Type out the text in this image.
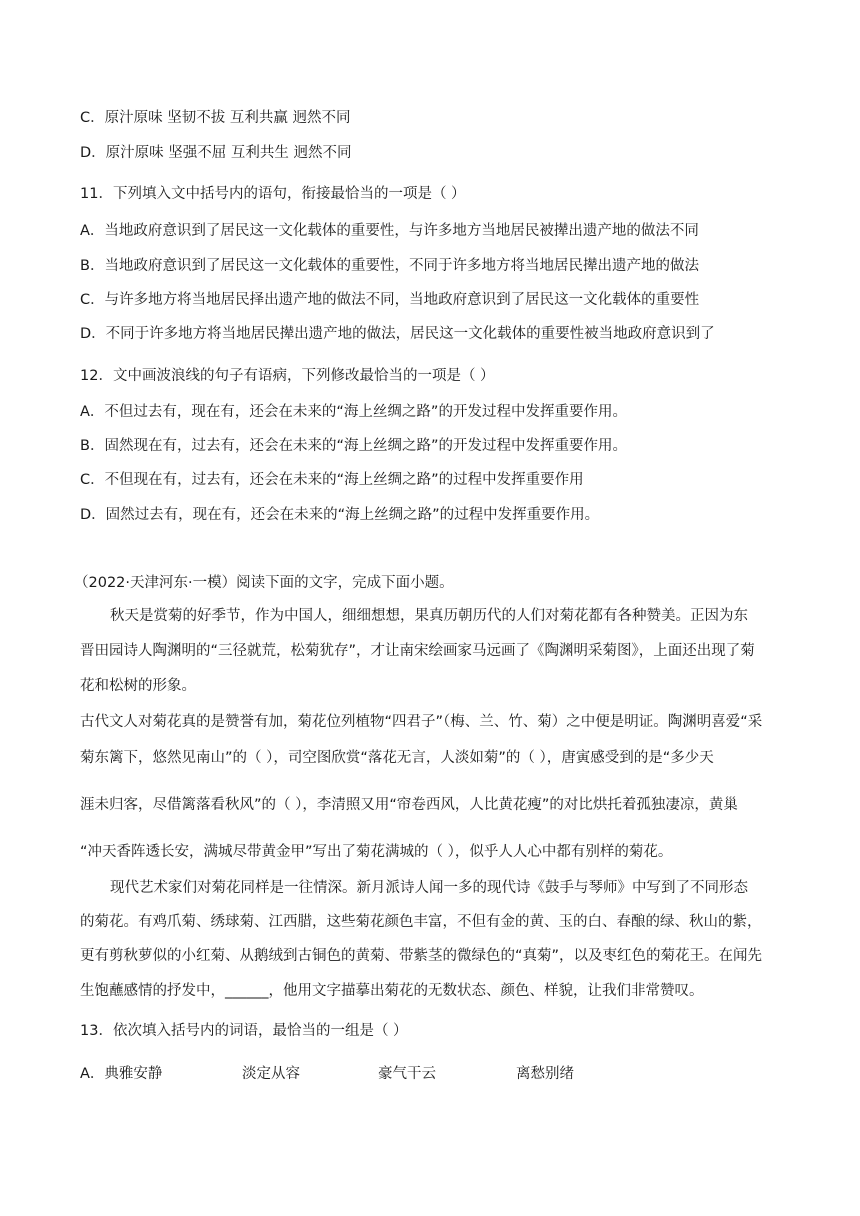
C．原汁原味 坚韧不拔 互利共赢 迥然不同
D．原汁原味 坚强不屈 互利共生 迥然不同
11．下列填入文中括号内的语句，衔接最恰当的一项是（ ）
A．当地政府意识到了居民这一文化载体的重要性，与许多地方当地居民被撵出遗产地的做法不同
B．当地政府意识到了居民这一文化载体的重要性，不同于许多地方将当地居民撵出遗产地的做法
C．与许多地方将当地居民择出遗产地的做法不同，当地政府意识到了居民这一文化载体的重要性
D．不同于许多地方将当地居民撵出遗产地的做法，居民这一文化载体的重要性被当地政府意识到了
12．文中画波浪线的句子有语病，下列修改最恰当的一项是（ ）
A．不但过去有，现在有，还会在未来的“海上丝绸之路”的开发过程中发挥重要作用。
B．固然现在有，过去有，还会在未来的“海上丝绸之路”的开发过程中发挥重要作用。
C．不但现在有，过去有，还会在未来的“海上丝绸之路”的过程中发挥重要作用
D．固然过去有，现在有，还会在未来的“海上丝绸之路”的过程中发挥重要作用。
（2022·天津河东·一模）阅读下面的文字，完成下面小题。
秋天是赏菊的好季节，作为中国人，细细想想，果真历朝历代的人们对菊花都有各种赞美。正因为东
晋田园诗人陶渊明的“三径就荒，松菊犹存”，才让南宋绘画家马远画了《陶渊明采菊图》，上面还出现了菊
花和松树的形象。
古代文人对菊花真的是赞誉有加，菊花位列植物“四君子”（梅、兰、竹、菊）之中便是明证。陶渊明喜爱“采
菊东篱下，悠然见南山”的（ ），司空图欣赏“落花无言，人淡如菊”的（ ），唐寅感受到的是“多少天
涯未归客，尽借篱落看秋风”的（ ），李清照又用“帘卷西风，人比黄花瘦”的对比烘托着孤独凄凉，黄巢
“冲天香阵透长安，满城尽带黄金甲”写出了菊花满城的（ ），似乎人人心中都有别样的菊花。
现代艺术家们对菊花同样是一往情深。新月派诗人闻一多的现代诗《鼓手与琴师》中写到了不同形态
的菊花。有鸡爪菊、绣球菊、江西腊，这些菊花颜色丰富，不但有金的黄、玉的白、春酿的绿、秋山的紫，
更有剪秋萝似的小红菊、从鹅绒到古铜色的黄菊、带紫茎的微绿色的“真菊”，以及枣红色的菊花王。在闻先
生饱蘸感情的抒发中，______，他用文字描摹出菊花的无数状态、颜色、样貌，让我们非常赞叹。
13．依次填入括号内的词语，最恰当的一组是（ ）
A．典雅安静	淡定从容	豪气干云	离愁别绪
